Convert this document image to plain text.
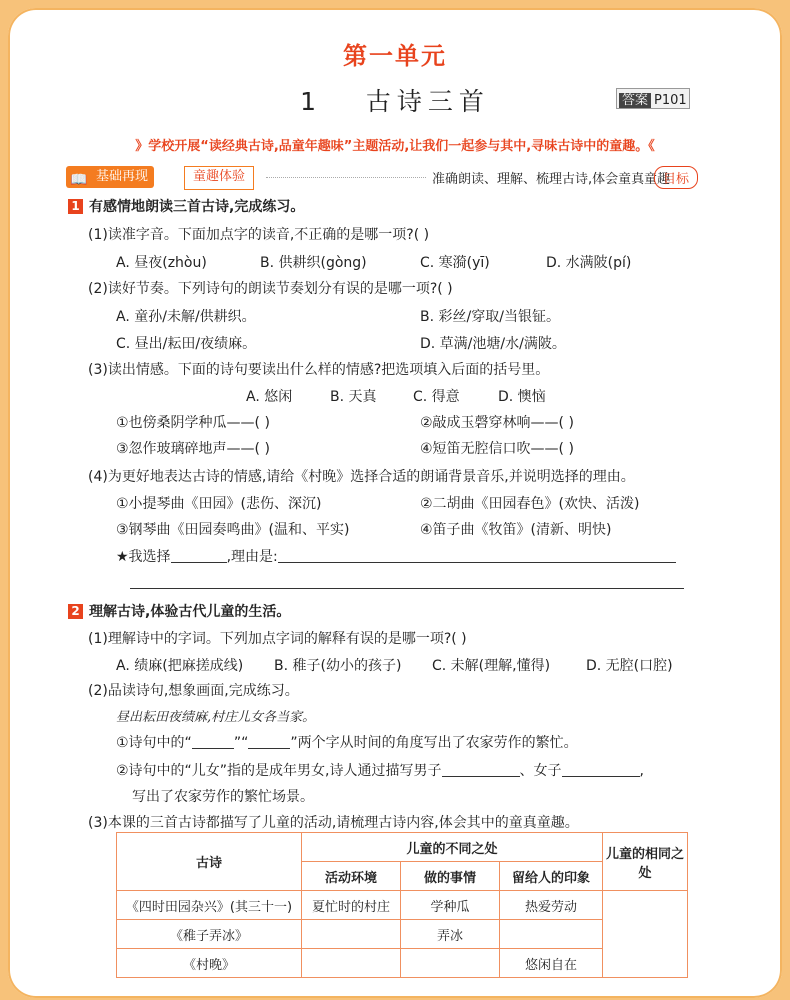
第一单元
1 古诗三首	答案 P101
》学校开展“读经典古诗,品童年趣味”主题活动,让我们一起参与其中,寻味古诗中的童趣。《
📖 基础再现	童趣体验	准确朗读、理解、梳理古诗,体会童真童趣
目标
1 有感情地朗读三首古诗,完成练习。
(1)读准字音。下面加点字的读音,不正确的是哪一项?( )
A. 昼夜(zhòu)	B. 供耕织(gòng)	C. 寒漪(yī)	D. 水满陂(pí)
(2)读好节奏。下列诗句的朗读节奏划分有误的是哪一项?( )
A. 童孙/未解/供耕织。	B. 彩丝/穿取/当银钲。
C. 昼出/耘田/夜绩麻。	D. 草满/池塘/水/满陂。
(3)读出情感。下面的诗句要读出什么样的情感?把选项填入后面的括号里。
A. 悠闲	B. 天真	C. 得意	D. 懊恼
①也傍桑阴学种瓜——( )	②敲成玉磬穿林响——( )
③忽作玻璃碎地声——( )	④短笛无腔信口吹——( )
(4)为更好地表达古诗的情感,请给《村晚》选择合适的朗诵背景音乐,并说明选择的理由。
①小提琴曲《田园》(悲伤、深沉)	②二胡曲《田园春色》(欢快、活泼)
③钢琴曲《田园奏鸣曲》(温和、平实)	④笛子曲《牧笛》(清新、明快)
★我选择	,理由是:
2 理解古诗,体验古代儿童的生活。
(1)理解诗中的字词。下列加点字词的解释有误的是哪一项?( )
A. 绩麻(把麻搓成线) B. 稚子(幼小的孩子) C. 未解(理解,懂得)	D. 无腔(口腔)
(2)品读诗句,想象画面,完成练习。
昼出耘田夜绩麻,村庄儿女各当家。
①诗句中的“	”“	”两个字从时间的角度写出了农家劳作的繁忙。
②诗句中的“儿女”指的是成年男女,诗人通过描写男子	、女子	,
写出了农家劳作的繁忙场景。
(3)本课的三首古诗都描写了儿童的活动,请梳理古诗内容,体会其中的童真童趣。
古诗	儿童的不同之处			儿童的相同之处
	活动环境	做的事情	留给人的印象	
《四时田园杂兴》(其三十一)	夏忙时的村庄	学种瓜	热爱劳动	
《稚子弄冰》		弄冰		
《村晚》			悠闲自在	
